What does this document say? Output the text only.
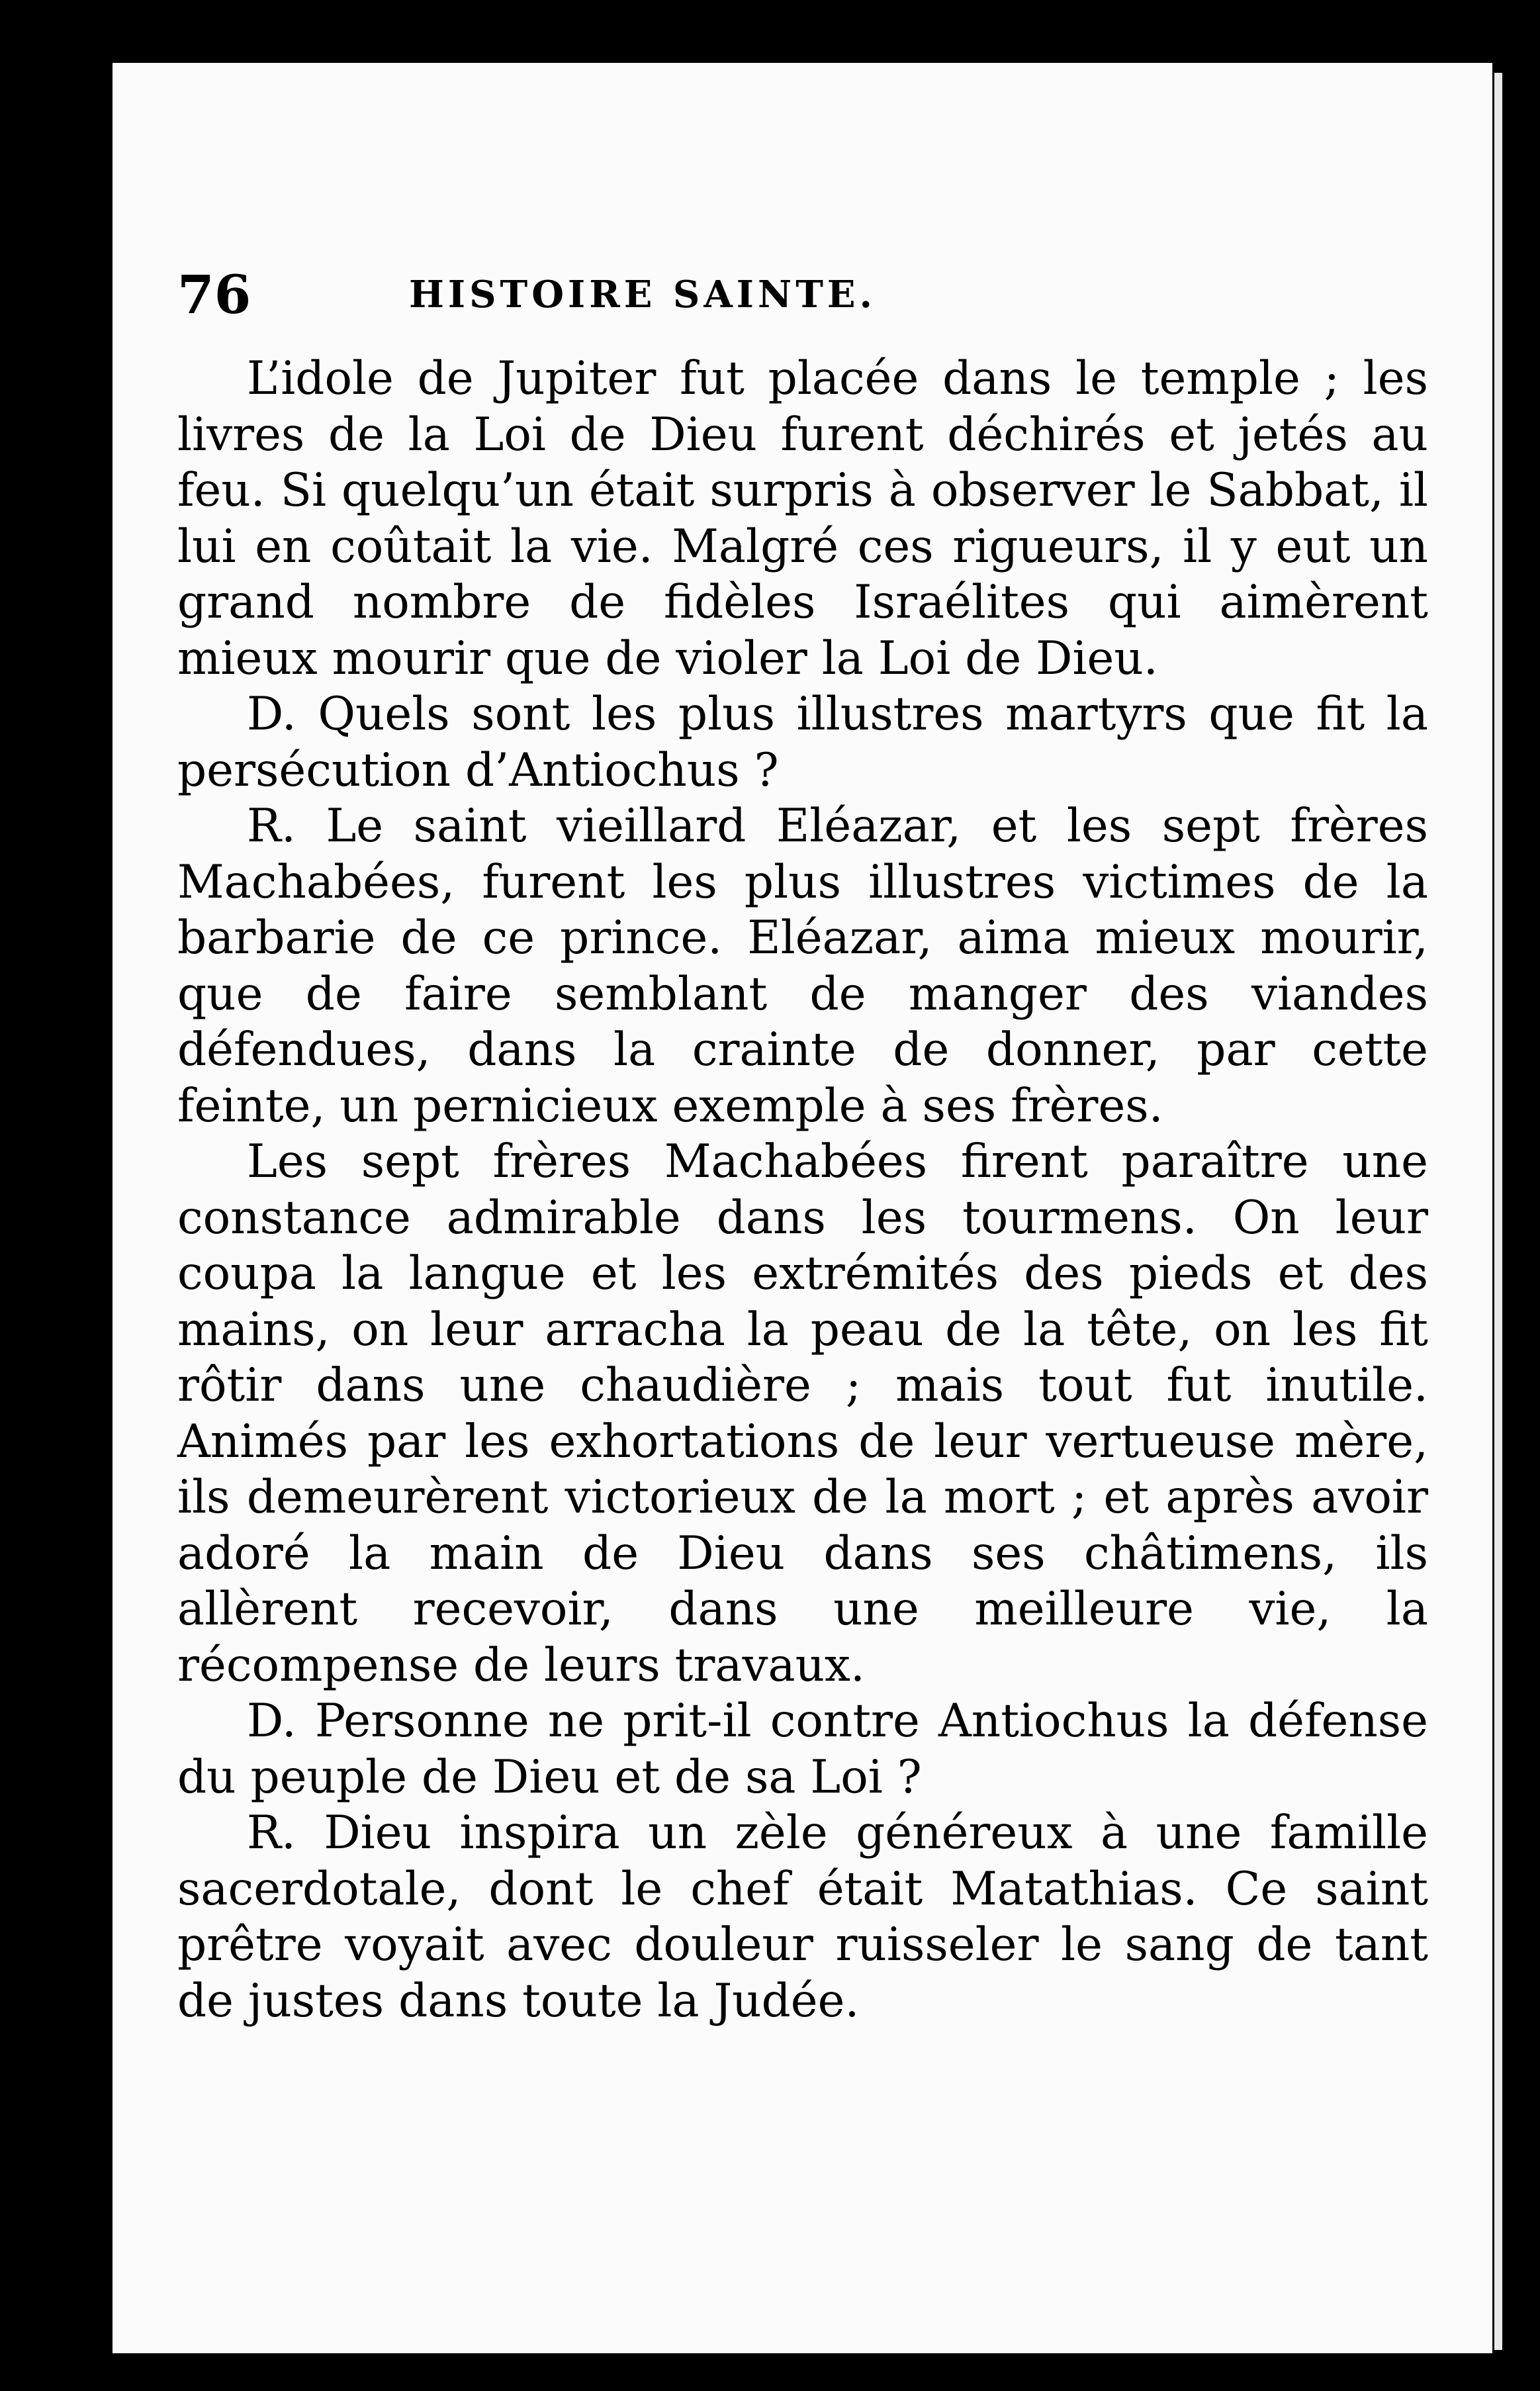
76	HISTOIRE SAINTE.

L’idole de Jupiter fut placée dans le temple ; les livres de la Loi de Dieu furent déchirés et jetés au feu. Si quelqu’un était surpris à observer le Sabbat, il lui en coûtait la vie. Malgré ces rigueurs, il y eut un grand nombre de fidèles Israélites qui aimèrent mieux mourir que de violer la Loi de Dieu.

D. Quels sont les plus illustres martyrs que fit la persécution d’Antiochus ?

R. Le saint vieillard Eléazar, et les sept frères Machabées, furent les plus illustres victimes de la barbarie de ce prince. Eléazar, aima mieux mourir, que de faire semblant de manger des viandes défendues, dans la crainte de donner, par cette feinte, un pernicieux exemple à ses frères.

Les sept frères Machabées firent paraître une constance admirable dans les tourmens. On leur coupa la langue et les extrémités des pieds et des mains, on leur arracha la peau de la tête, on les fit rôtir dans une chaudière ; mais tout fut inutile. Animés par les exhortations de leur vertueuse mère, ils demeurèrent victorieux de la mort ; et après avoir adoré la main de Dieu dans ses châtimens, ils allèrent recevoir, dans une meilleure vie, la récompense de leurs travaux.

D. Personne ne prit-il contre Antiochus la défense du peuple de Dieu et de sa Loi ?

R. Dieu inspira un zèle généreux à une famille sacerdotale, dont le chef était Matathias. Ce saint prêtre voyait avec douleur ruisseler le sang de tant de justes dans toute la Judée.
